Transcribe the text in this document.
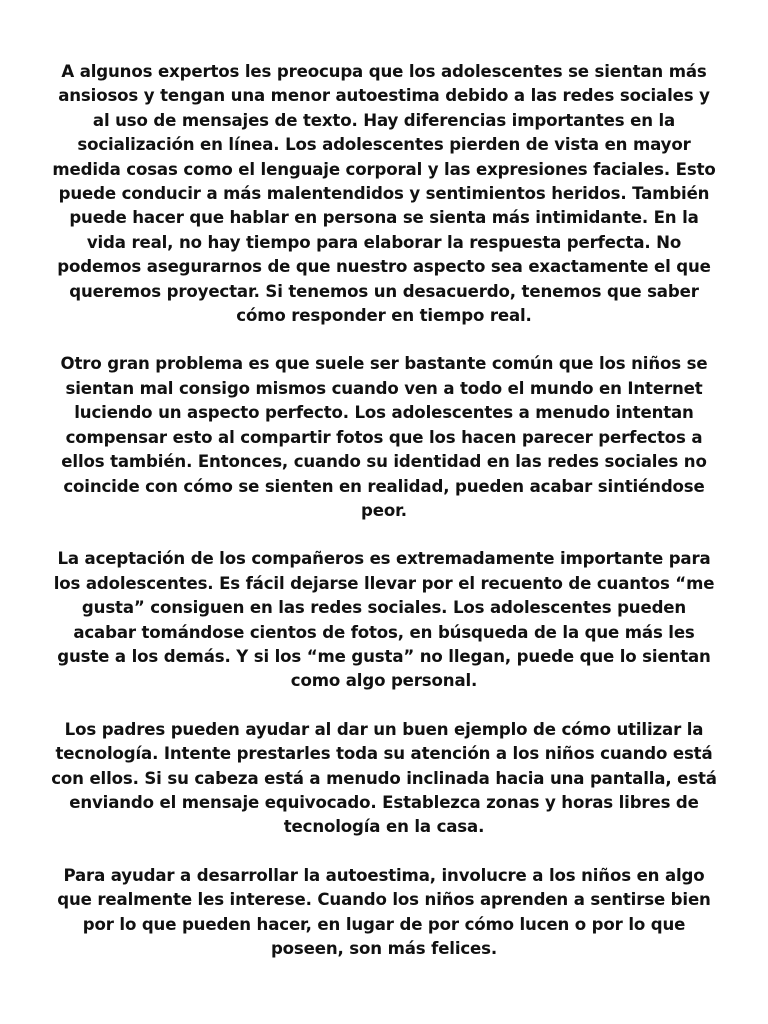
A algunos expertos les preocupa que los adolescentes se sientan más ansiosos y tengan una menor autoestima debido a las redes sociales y al uso de mensajes de texto. Hay diferencias importantes en la socialización en línea. Los adolescentes pierden de vista en mayor medida cosas como el lenguaje corporal y las expresiones faciales. Esto puede conducir a más malentendidos y sentimientos heridos. También puede hacer que hablar en persona se sienta más intimidante. En la vida real, no hay tiempo para elaborar la respuesta perfecta. No podemos asegurarnos de que nuestro aspecto sea exactamente el que queremos proyectar. Si tenemos un desacuerdo, tenemos que saber cómo responder en tiempo real.

Otro gran problema es que suele ser bastante común que los niños se sientan mal consigo mismos cuando ven a todo el mundo en Internet luciendo un aspecto perfecto. Los adolescentes a menudo intentan compensar esto al compartir fotos que los hacen parecer perfectos a ellos también. Entonces, cuando su identidad en las redes sociales no coincide con cómo se sienten en realidad, pueden acabar sintiéndose peor.

La aceptación de los compañeros es extremadamente importante para los adolescentes. Es fácil dejarse llevar por el recuento de cuantos “me gusta” consiguen en las redes sociales. Los adolescentes pueden acabar tomándose cientos de fotos, en búsqueda de la que más les guste a los demás. Y si los “me gusta” no llegan, puede que lo sientan como algo personal.

Los padres pueden ayudar al dar un buen ejemplo de cómo utilizar la tecnología. Intente prestarles toda su atención a los niños cuando está con ellos. Si su cabeza está a menudo inclinada hacia una pantalla, está enviando el mensaje equivocado. Establezca zonas y horas libres de tecnología en la casa.

Para ayudar a desarrollar la autoestima, involucre a los niños en algo que realmente les interese. Cuando los niños aprenden a sentirse bien por lo que pueden hacer, en lugar de por cómo lucen o por lo que poseen, son más felices.
